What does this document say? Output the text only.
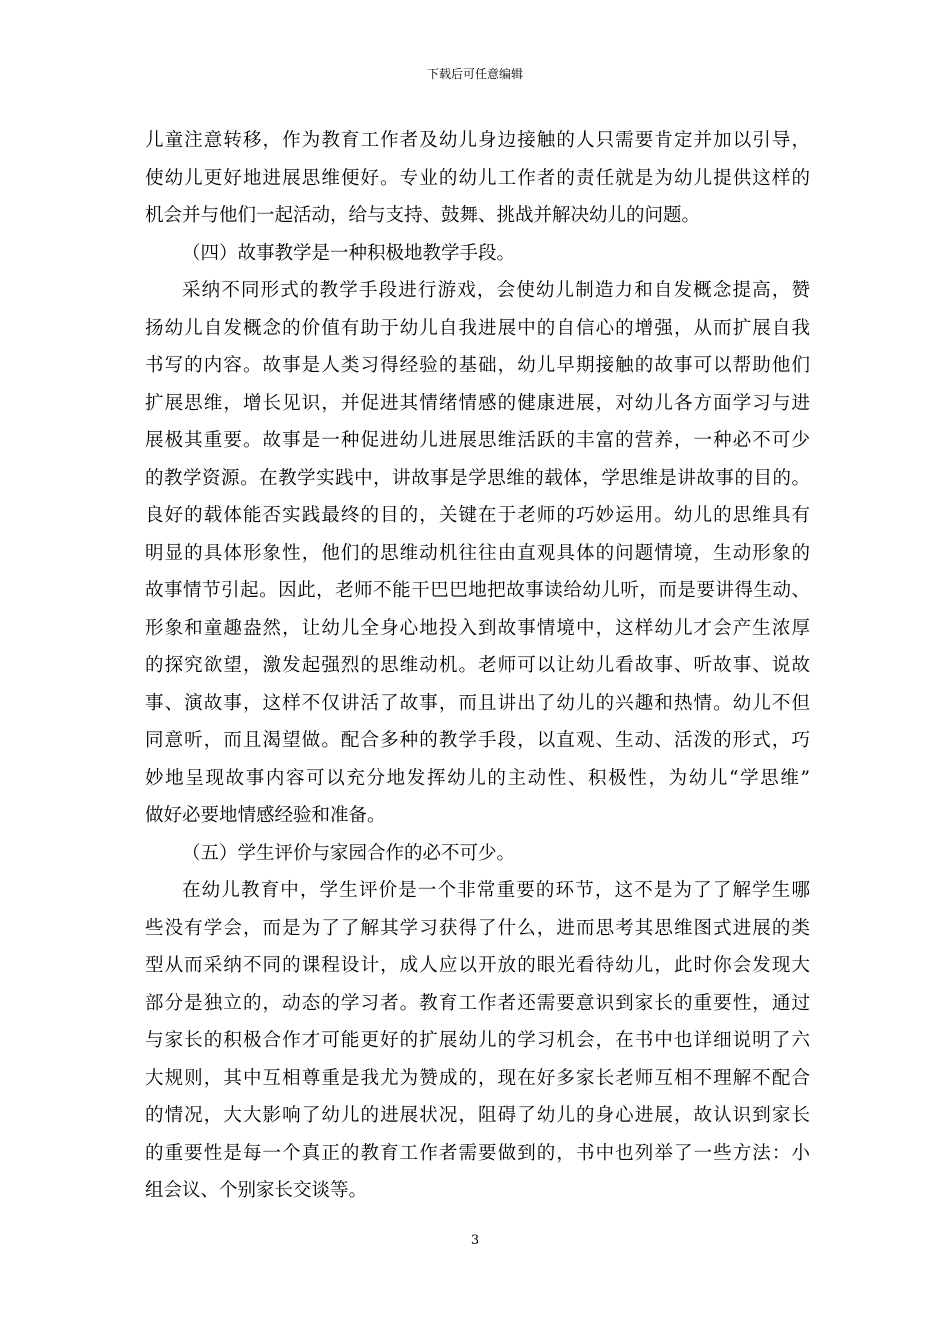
下载后可任意编辑
儿童注意转移，作为教育工作者及幼儿身边接触的人只需要肯定并加以引导，
使幼儿更好地进展思维便好。专业的幼儿工作者的责任就是为幼儿提供这样的
机会并与他们一起活动，给与支持、鼓舞、挑战并解决幼儿的问题。
（四）故事教学是一种积极地教学手段。
采纳不同形式的教学手段进行游戏，会使幼儿制造力和自发概念提高，赞
扬幼儿自发概念的价值有助于幼儿自我进展中的自信心的增强，从而扩展自我
书写的内容。故事是人类习得经验的基础，幼儿早期接触的故事可以帮助他们
扩展思维，增长见识，并促进其情绪情感的健康进展，对幼儿各方面学习与进
展极其重要。故事是一种促进幼儿进展思维活跃的丰富的营养，一种必不可少
的教学资源。在教学实践中，讲故事是学思维的载体，学思维是讲故事的目的。
良好的载体能否实践最终的目的，关键在于老师的巧妙运用。幼儿的思维具有
明显的具体形象性，他们的思维动机往往由直观具体的问题情境，生动形象的
故事情节引起。因此，老师不能干巴巴地把故事读给幼儿听，而是要讲得生动、
形象和童趣盎然，让幼儿全身心地投入到故事情境中，这样幼儿才会产生浓厚
的探究欲望，激发起强烈的思维动机。老师可以让幼儿看故事、听故事、说故
事、演故事，这样不仅讲活了故事，而且讲出了幼儿的兴趣和热情。幼儿不但
同意听，而且渴望做。配合多种的教学手段，以直观、生动、活泼的形式，巧
妙地呈现故事内容可以充分地发挥幼儿的主动性、积极性，为幼儿“学思维”
做好必要地情感经验和准备。
（五）学生评价与家园合作的必不可少。
在幼儿教育中，学生评价是一个非常重要的环节，这不是为了了解学生哪
些没有学会，而是为了了解其学习获得了什么，进而思考其思维图式进展的类
型从而采纳不同的课程设计，成人应以开放的眼光看待幼儿，此时你会发现大
部分是独立的，动态的学习者。教育工作者还需要意识到家长的重要性，通过
与家长的积极合作才可能更好的扩展幼儿的学习机会，在书中也详细说明了六
大规则，其中互相尊重是我尤为赞成的，现在好多家长老师互相不理解不配合
的情况，大大影响了幼儿的进展状况，阻碍了幼儿的身心进展，故认识到家长
的重要性是每一个真正的教育工作者需要做到的，书中也列举了一些方法：小
组会议、个别家长交谈等。
3
